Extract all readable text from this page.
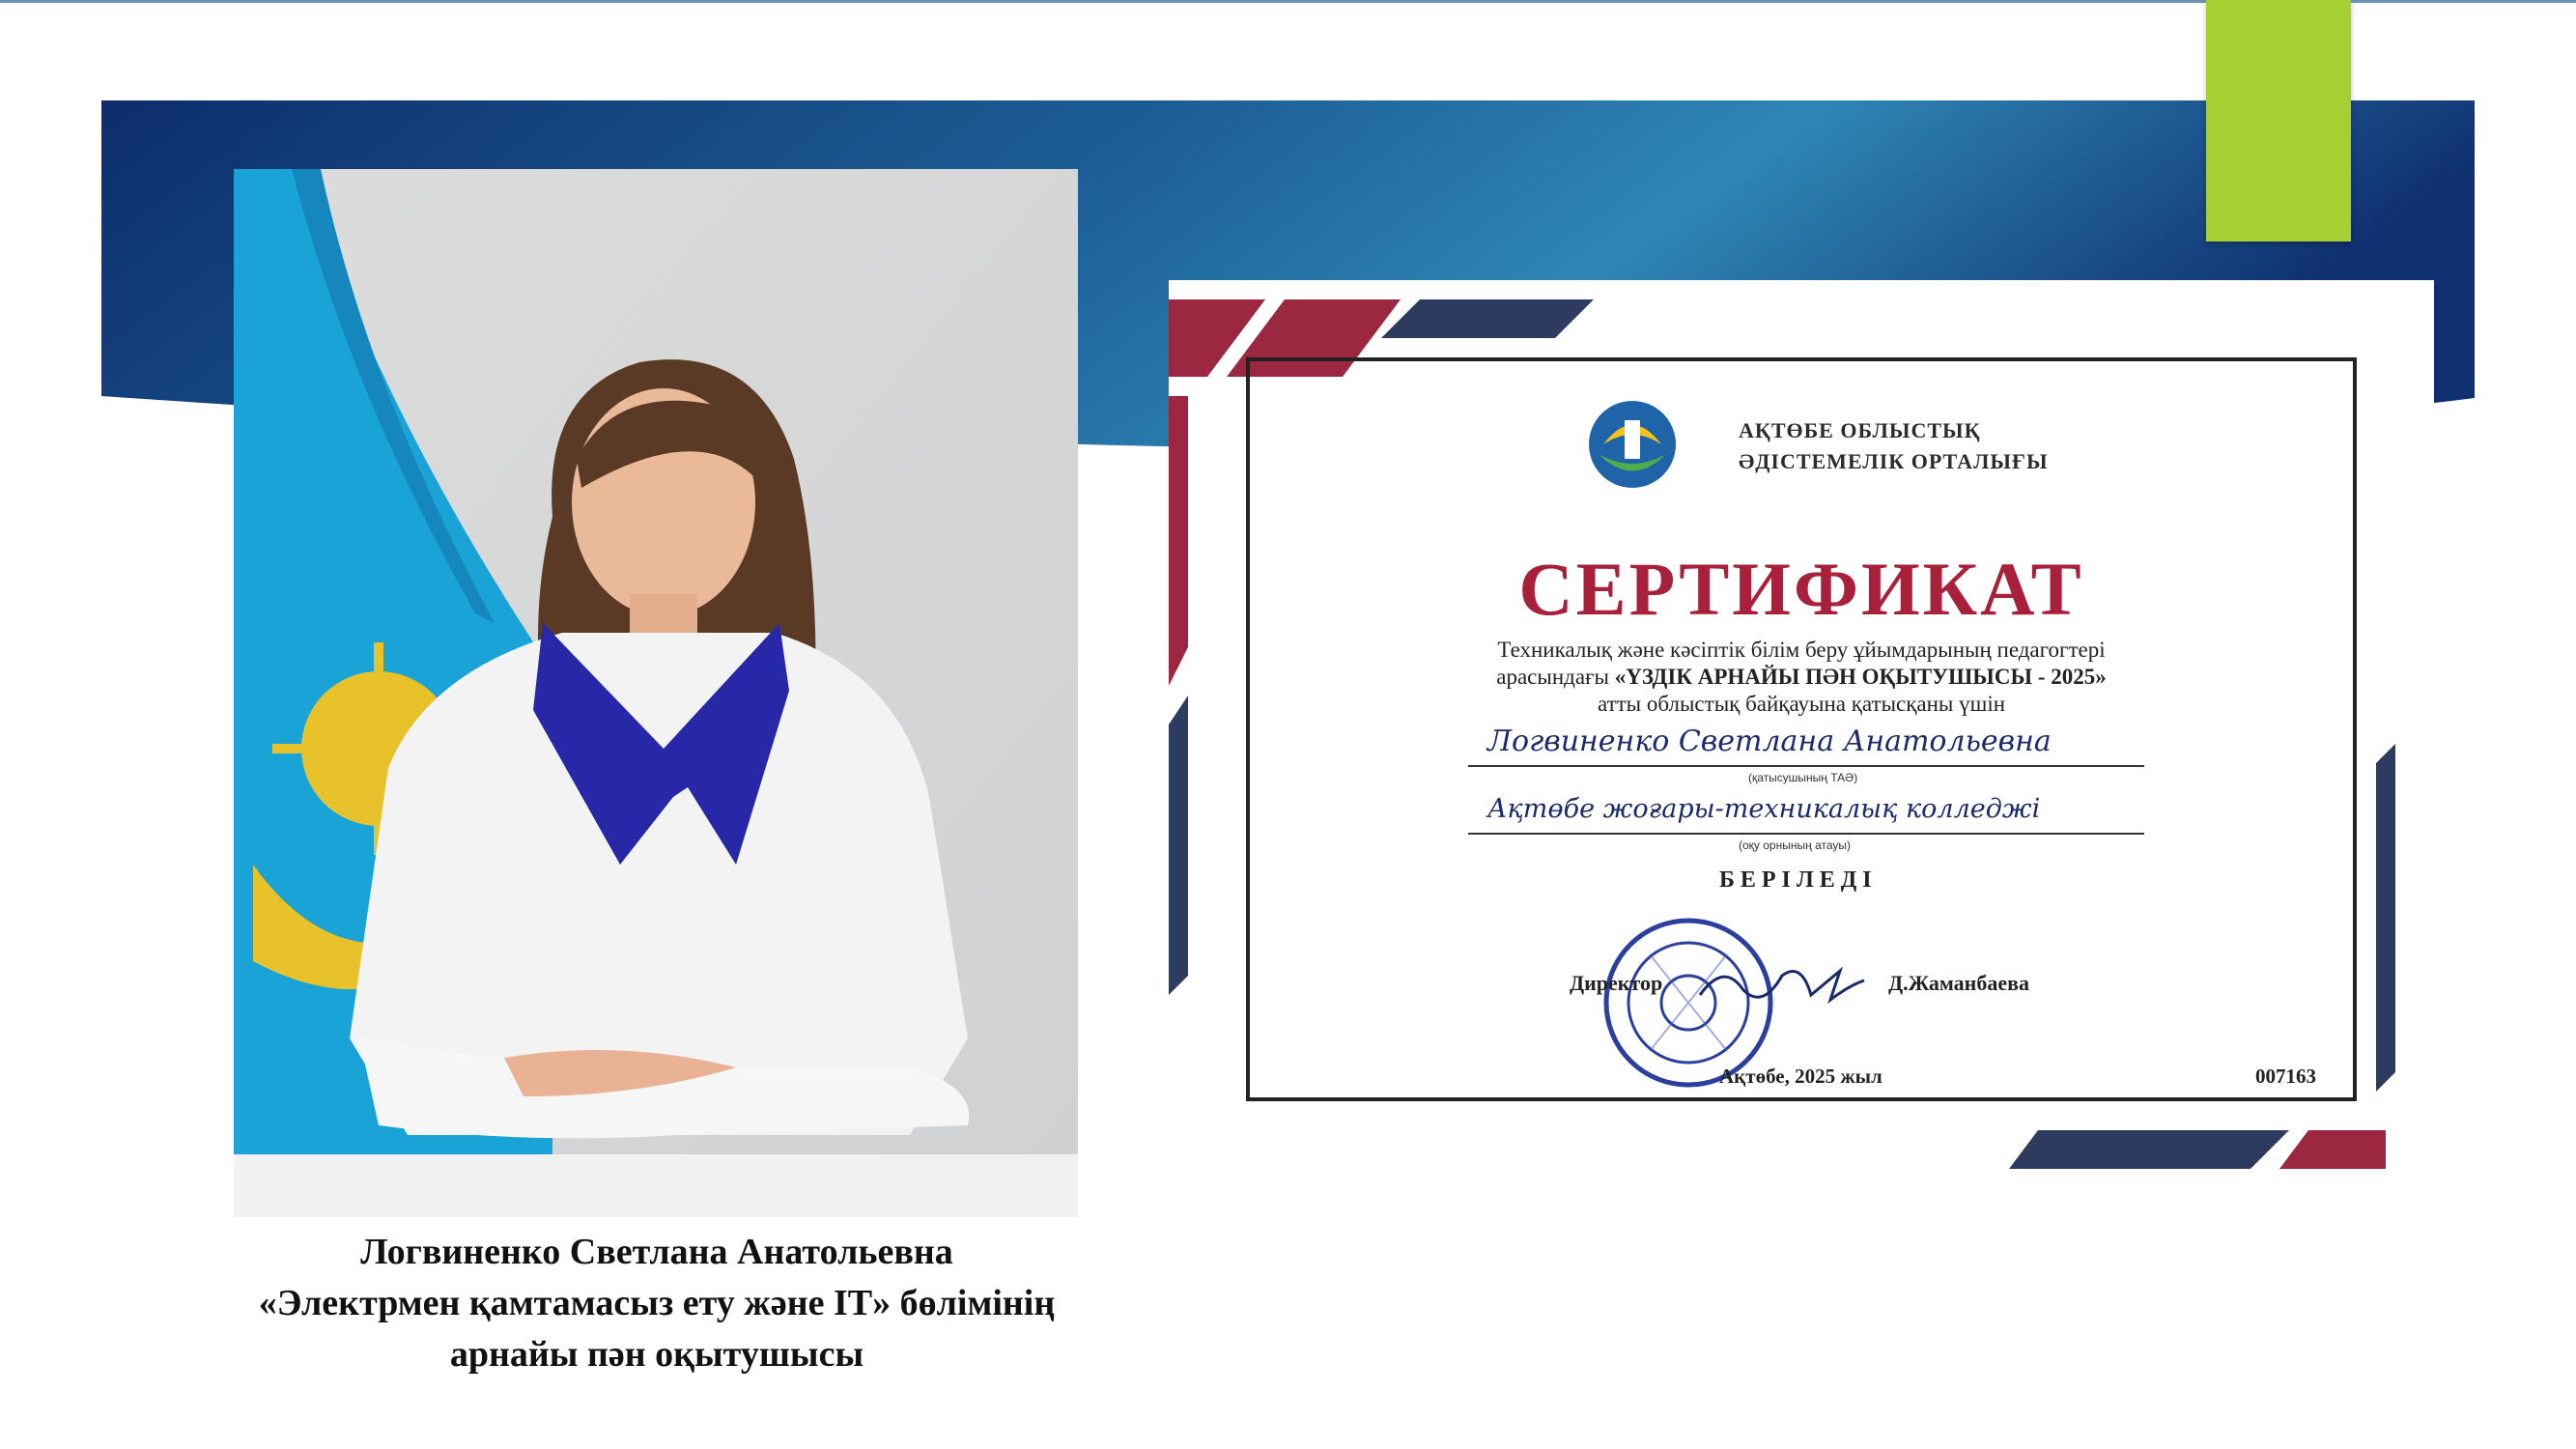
АҚТӨБЕ ОБЛЫСТЫҚ
ӘДІСТЕМЕЛІК ОРТАЛЫҒЫ
СЕРТИФИКАТ
Техникалық және кәсіптік білім беру ұйымдарының педагогтері
арасындағы «ҮЗДІК АРНАЙЫ ПӘН ОҚЫТУШЫСЫ - 2025»
атты облыстық байқауына қатысқаны үшін
Логвиненко Светлана Анатольевна
(қатысушының ТАӘ)
Ақтөбе жоғары-техникалық колледжі
(оқу орнының атауы)
БЕРІЛЕДІ
Директор	Д.Жаманбаева
Ақтөбе, 2025 жыл	007163
Логвиненко Светлана Анатольевна
«Электрмен қамтамасыз ету және IT» бөлімінің
арнайы пән оқытушысы
